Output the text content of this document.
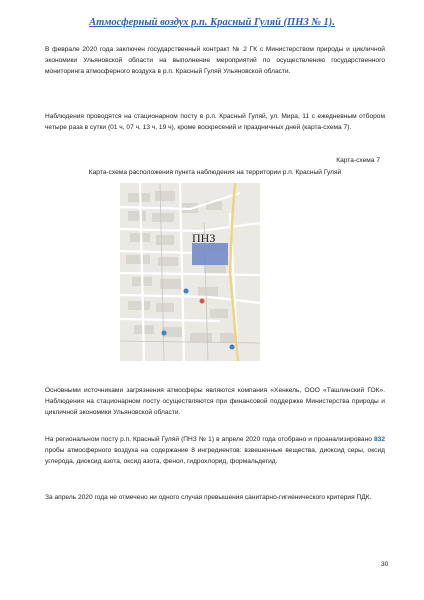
Атмосферный воздух р.п. Красный Гуляй (ПНЗ № 1).

В феврале 2020 года заключен государственный контракт № 2 ГК с Министерством природы и цикличной экономики Ульяновской области на выполнение мероприятий по осуществлению государственного мониторинга атмосферного воздуха в р.п. Красный Гуляй Ульяновской области.

Наблюдения проводятся на стационарном посту в р.п. Красный Гуляй, ул. Мира, 11 с ежедневным отбором четыре раза в сутки (01 ч, 07 ч, 13 ч, 19 ч), кроме воскресений и праздничных дней (карта-схема 7).

Карта-схема 7
Карта-схема расположения пункта наблюдения на территории р.п. Красный Гуляй
ПНЗ

Основными источниками загрязнения атмосферы являются компания «Хенкель, ООО «Ташлинский ГОК». Наблюдения на стационарном посту осуществляются при финансовой поддержке Министерства природы и цикличной экономики Ульяновской области.

На региональном посту р.п. Красный Гуляй (ПНЗ № 1) в апреле 2020 года отобрано и проанализировано 832 пробы атмосферного воздуха на содержание 8 ингредиентов: взвешенные вещества, диоксид серы, оксид углерода, диоксид азота, оксид азота, фенол, гидрохлорид, формальдегид.

За апрель 2020 года не отмечено ни одного случая превышения санитарно-гигиенического критерия ПДК.

30
